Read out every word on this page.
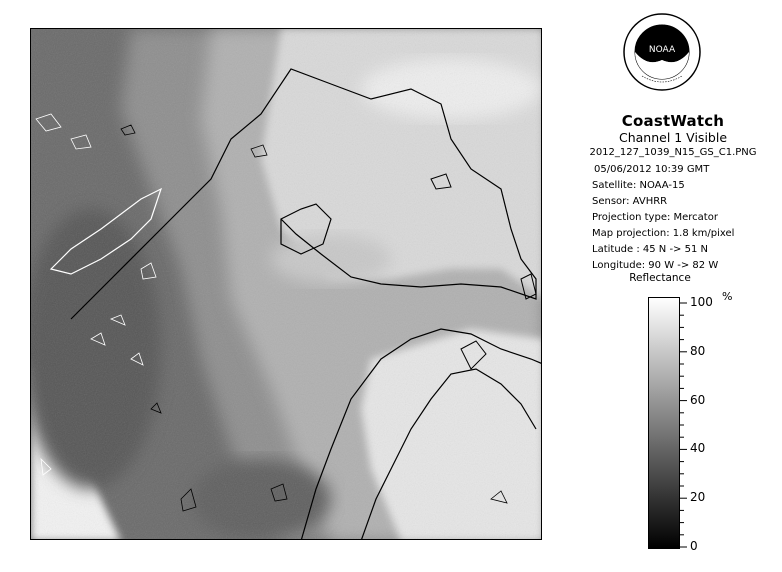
NOAA
CoastWatch
Channel 1 Visible
2012_127_1039_N15_GS_C1.PNG
05/06/2012 10:39 GMT
Satellite: NOAA-15
Sensor: AVHRR
Projection type: Mercator
Map projection: 1.8 km/pixel
Latitude : 45 N -> 51 N
Longitude: 90 W -> 82 W
Reflectance
%
100
80
60
40
20
0
